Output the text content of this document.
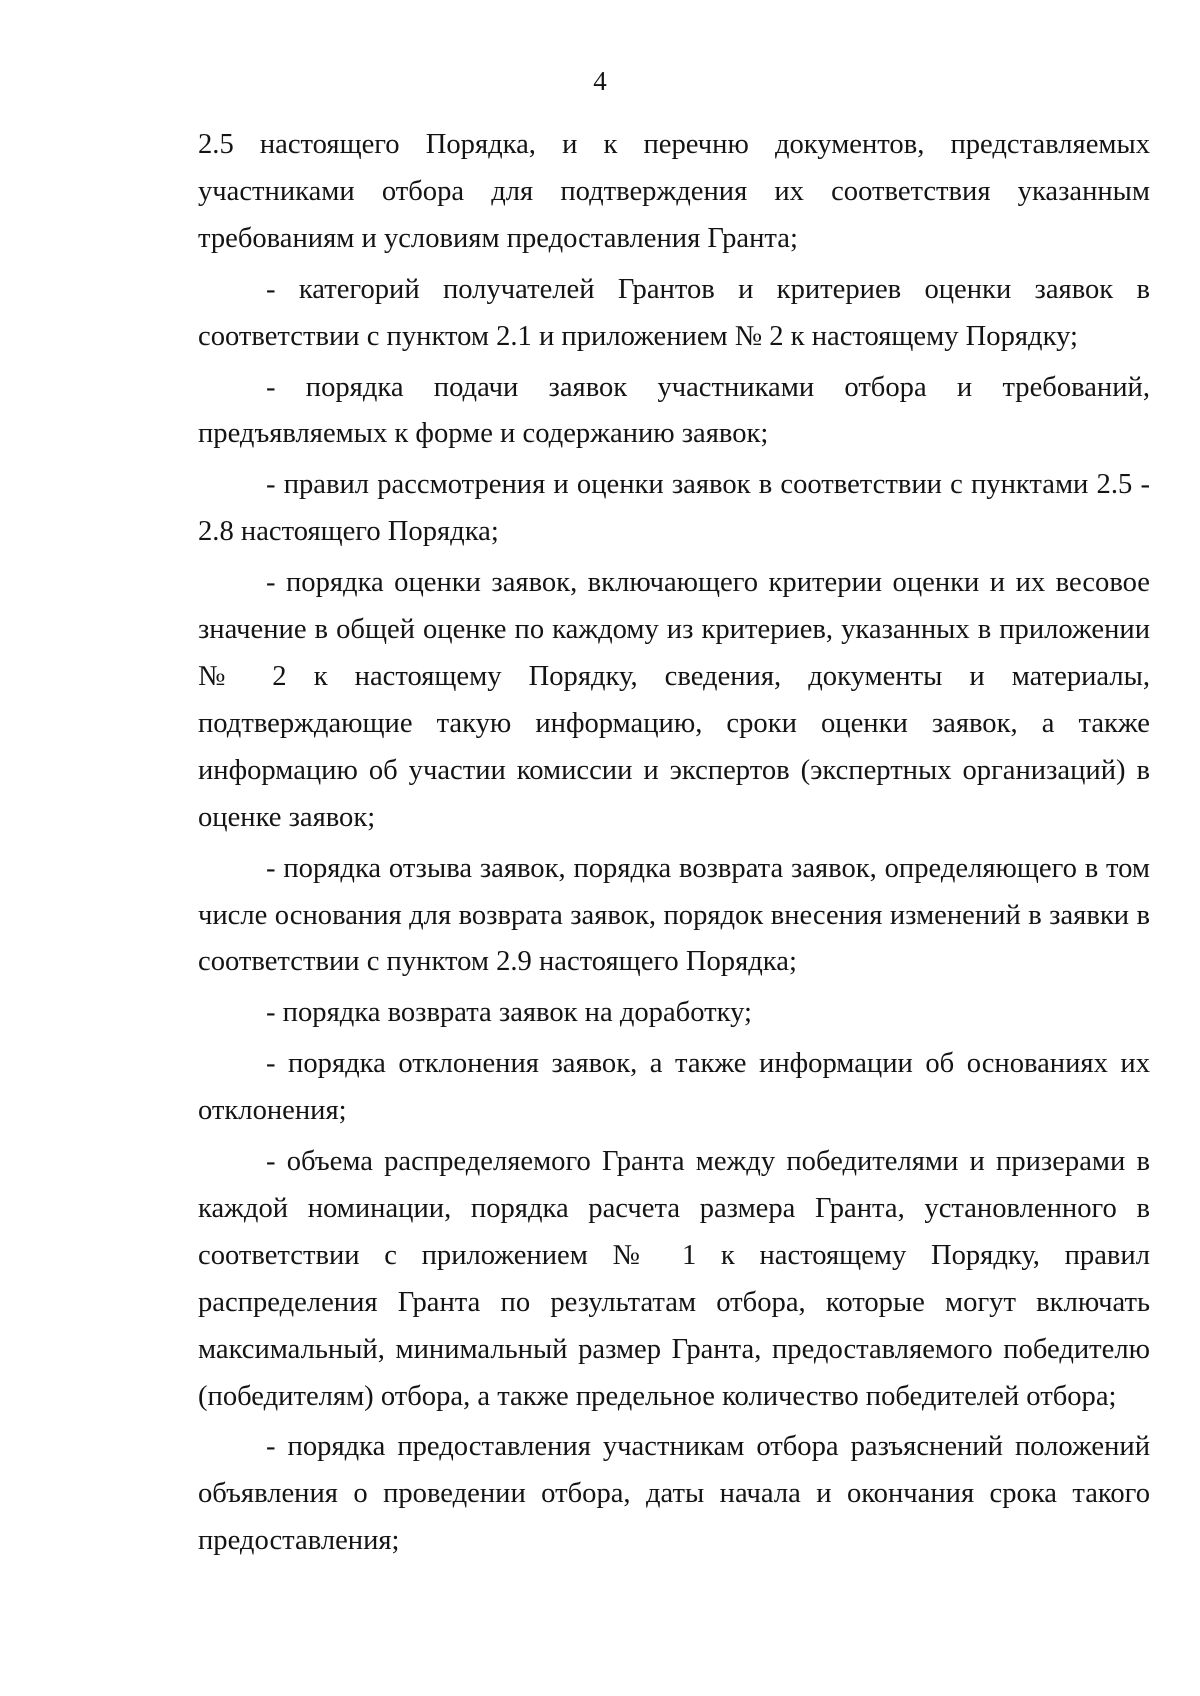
4

2.5 настоящего Порядка, и к перечню документов, представляемых участниками отбора для подтверждения их соответствия указанным требованиям и условиям предоставления Гранта;

- категорий получателей Грантов и критериев оценки заявок в соответствии с пунктом 2.1 и приложением № 2 к настоящему Порядку;

- порядка подачи заявок участниками отбора и требований, предъявляемых к форме и содержанию заявок;

- правил рассмотрения и оценки заявок в соответствии с пунктами 2.5 - 2.8 настоящего Порядка;

- порядка оценки заявок, включающего критерии оценки и их весовое значение в общей оценке по каждому из критериев, указанных в приложении № 2 к настоящему Порядку, сведения, документы и материалы, подтверждающие такую информацию, сроки оценки заявок, а также информацию об участии комиссии и экспертов (экспертных организаций) в оценке заявок;

- порядка отзыва заявок, порядка возврата заявок, определяющего в том числе основания для возврата заявок, порядок внесения изменений в заявки в соответствии с пунктом 2.9 настоящего Порядка;

- порядка возврата заявок на доработку;

- порядка отклонения заявок, а также информации об основаниях их отклонения;

- объема распределяемого Гранта между победителями и призерами в каждой номинации, порядка расчета размера Гранта, установленного в соответствии с приложением № 1 к настоящему Порядку, правил распределения Гранта по результатам отбора, которые могут включать максимальный, минимальный размер Гранта, предоставляемого победителю (победителям) отбора, а также предельное количество победителей отбора;

- порядка предоставления участникам отбора разъяснений положений объявления о проведении отбора, даты начала и окончания срока такого предоставления;
